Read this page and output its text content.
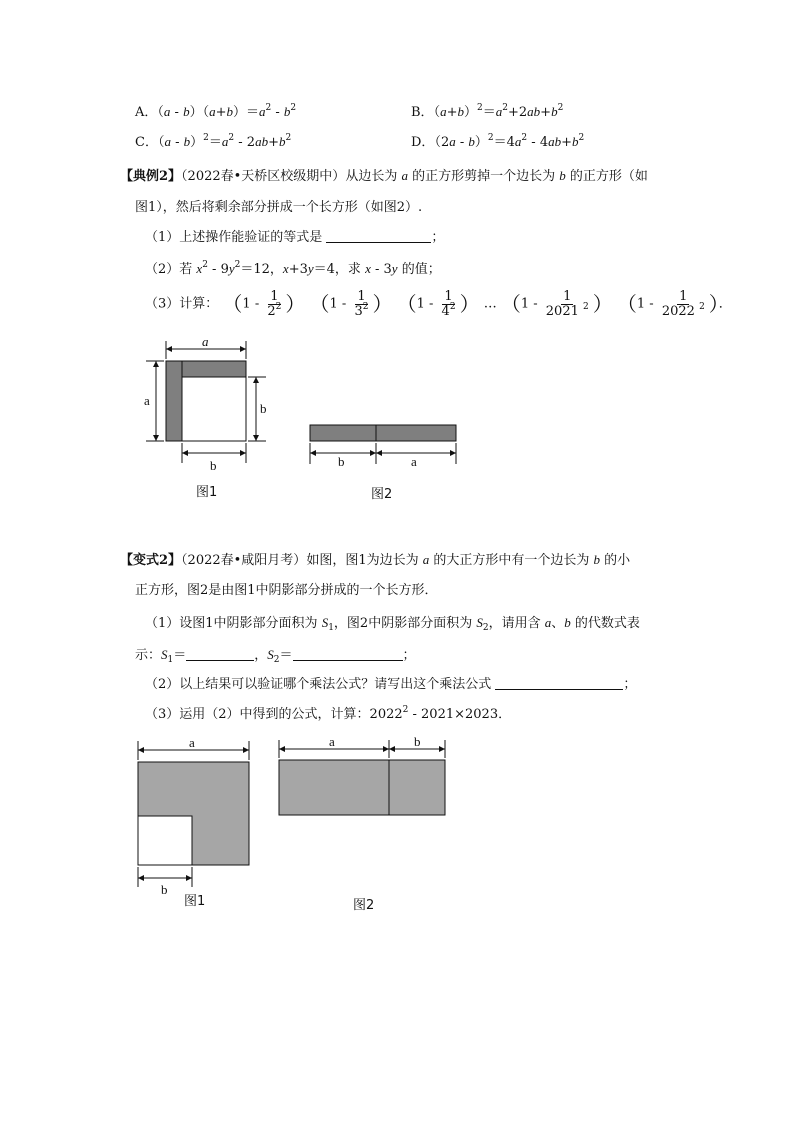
A．$(a - b)(a+b)=a^2 - b^2$	B．$(a+b)^2=a^2+2ab+b^2$
C．$(a - b)^2=a^2 - 2ab+b^2$	D．$(2a - b)^2=4a^2 - 4ab+b^2$
【典例2】（2022春•天桥区校级期中）从边长为 a 的正方形剪掉一个边长为 b 的正方形（如
图1），然后将剩余部分拼成一个长方形（如图2）.
（1）上述操作能验证的等式是	；
（2）若 $x^2 - 9y^2=12$，x+3y＝4，求 x - 3y 的值；
（3）计算： （$1 - \frac{1}{2^2}$ ） （$1 - \frac{1}{3^2}$ ） （$1 - \frac{1}{4^2}$ ） … （$1 - \frac{1}{2021 ^2}$ ） （$1 - \frac{1}{2022 ^2}$ ）．
a
a
b
b
图1
b	a
图2
【变式2】（2022春•咸阳月考）如图，图1为边长为 a 的大正方形中有一个边长为 b 的小
正方形，图2是由图1中阴影部分拼成的一个长方形．
（1）设图1中阴影部分面积为 $S_1$，图2中阴影部分面积为 $S_2$，请用含 a、b 的代数式表
示：$S_1=$	，$S_2=$	；
（2）以上结果可以验证哪个乘法公式？请写出这个乘法公式	；
（3）运用（2）中得到的公式，计算：2022$^2$ - 2021×2023．
a
b
图1
a	b
图2
